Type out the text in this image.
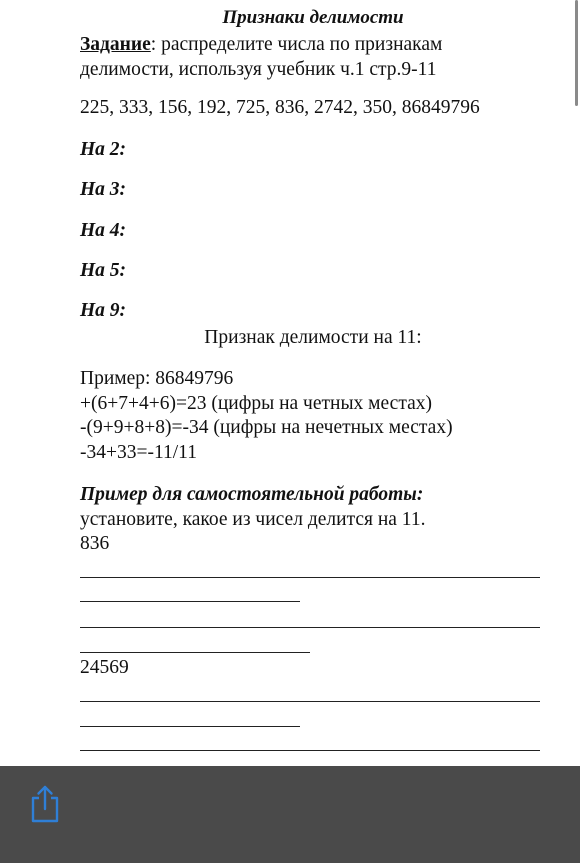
Признаки делимости
Задание: распределите числа по признакам
делимости, используя учебник ч.1 стр.9-11
225, 333, 156, 192, 725, 836, 2742, 350, 86849796
На 2:
На 3:
На 4:
На 5:
На 9:
Признак делимости на 11:
Пример: 86849796
+(6+7+4+6)=23 (цифры на четных местах)
-(9+9+8+8)=-34 (цифры на нечетных местах)
-34+33=-11/11
Пример для самостоятельной работы:
установите, какое из чисел делится на 11.
836
24569
